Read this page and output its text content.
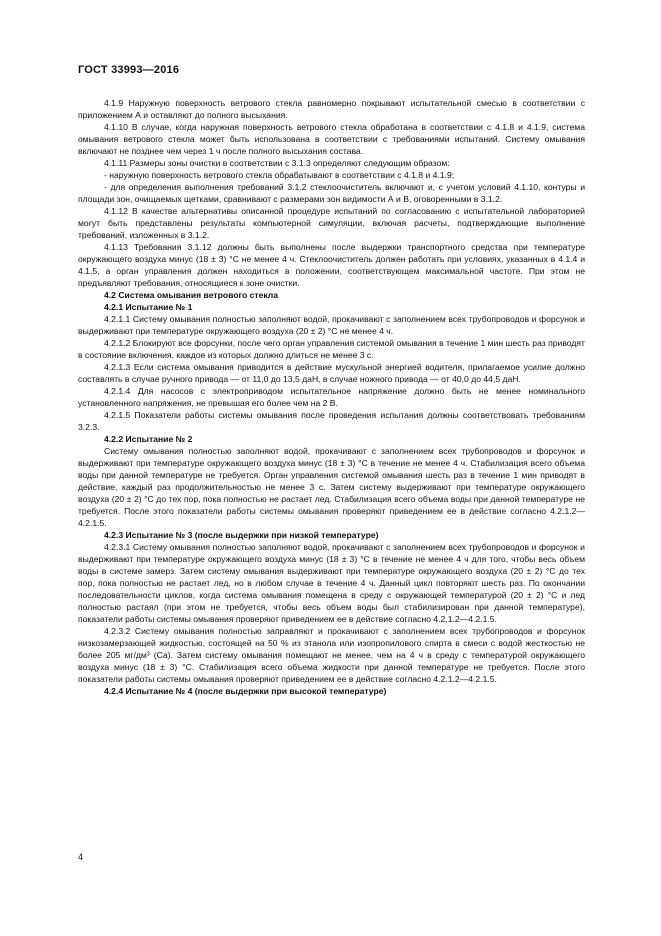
ГОСТ 33993—2016

4.1.9 Наружную поверхность ветрового стекла равномерно покрывают испытательной смесью в соответствии с приложением А и оставляют до полного высыхания.

4.1.10 В случае, когда наружная поверхность ветрового стекла обработана в соответствии с 4.1.8 и 4.1.9, система омывания ветрового стекла может быть использована в соответствии с требованиями испытаний. Систему омывания включают не позднее чем через 1 ч после полного высыхания состава.

4.1.11 Размеры зоны очистки в соответствии с 3.1.3 определяют следующим образом:

- наружную поверхность ветрового стекла обрабатывают в соответствии с 4.1.8 и 4.1.9;

- для определения выполнения требований 3.1.2 стеклоочиститель включают и, с учетом условий 4.1.10, контуры и площади зон, очищаемых щетками, сравнивают с размерами зон видимости А и В, оговоренными в 3.1.2.

4.1.12 В качестве альтернативы описанной процедуре испытаний по согласованию с испытательной лабораторией могут быть представлены результаты компьютерной симуляции, включая расчеты, подтверждающие выполнение требований, изложенных в 3.1.2.

4.1.13 Требования 3.1.12 должны быть выполнены после выдержки транспортного средства при температуре окружающего воздуха минус (18 ± 3) °С не менее 4 ч. Стеклоочиститель должен работать при условиях, указанных в 4.1.4 и 4.1.5, а орган управления должен находиться в положении, соответствующем максимальной частоте. При этом не предъявляют требования, относящиеся к зоне очистки.

4.2 Система омывания ветрового стекла

4.2.1 Испытание № 1

4.2.1.1 Систему омывания полностью заполняют водой, прокачивают с заполнением всех трубопроводов и форсунок и выдерживают при температуре окружающего воздуха (20 ± 2) °С не менее 4 ч.

4.2.1.2 Блокируют все форсунки, после чего орган управления системой омывания в течение 1 мин шесть раз приводят в состояние включения, каждое из которых должно длиться не менее 3 с.

4.2.1.3 Если система омывания приводится в действие мускульной энергией водителя, прилагаемое усилие должно составлять в случае ручного привода — от 11,0 до 13,5 даН, в случае ножного привода — от 40,0 до 44,5 даН.

4.2.1.4 Для насосов с электроприводом испытательное напряжение должно быть не менее номинального установленного напряжения, не превышая его более чем на 2 В.

4.2.1.5 Показатели работы системы омывания после проведения испытания должны соответствовать требованиям 3.2.3.

4.2.2 Испытание № 2

Систему омывания полностью заполняют водой, прокачивают с заполнением всех трубопроводов и форсунок и выдерживают при температуре окружающего воздуха минус (18 ± 3) °С в течение не менее 4 ч. Стабилизация всего объема воды при данной температуре не требуется. Орган управления системой омывания шесть раз в течение 1 мин приводят в действие, каждый раз продолжительностью не менее 3 с. Затем систему выдерживают при температуре окружающего воздуха (20 ± 2) °С до тех пор, пока полностью не растает лед. Стабилизация всего объема воды при данной температуре не требуется. После этого показатели работы системы омывания проверяют приведением ее в действие согласно 4.2.1.2—4.2.1.5.

4.2.3 Испытание № 3 (после выдержки при низкой температуре)

4.2.3.1 Систему омывания полностью заполняют водой, прокачивают с заполнением всех трубопроводов и форсунок и выдерживают при температуре окружающего воздуха минус (18 ± 3) °С в течение не менее 4 ч для того, чтобы весь объем воды в системе замерз. Затем систему омывания выдерживают при температуре окружающего воздуха (20 ± 2) °С до тех пор, пока полностью не растает лед, но в любом случае в течение 4 ч. Данный цикл повторяют шесть раз. По окончании последовательности циклов, когда система омывания помещена в среду с окружающей температурой (20 ± 2) °С и лед полностью растаял (при этом не требуется, чтобы весь объем воды был стабилизирован при данной температуре), показатели работы системы омывания проверяют приведением ее в действие согласно 4.2.1.2—4.2.1.5.

4.2.3.2 Систему омывания полностью заправляют и прокачивают с заполнением всех трубопроводов и форсунок низкозамерзающей жидкостью, состоящей на 50 % из этанола или изопропилового спирта в смеси с водой жесткостью не более 205 мг/дм³ (Са). Затем систему омывания помещают не менее, чем на 4 ч в среду с температурой окружающего воздуха минус (18 ± 3) °С. Стабилизация всего объема жидкости при данной температуре не требуется. После этого показатели работы системы омывания проверяют приведением ее в действие согласно 4.2.1.2—4.2.1.5.

4.2.4 Испытание № 4 (после выдержки при высокой температуре)

4
